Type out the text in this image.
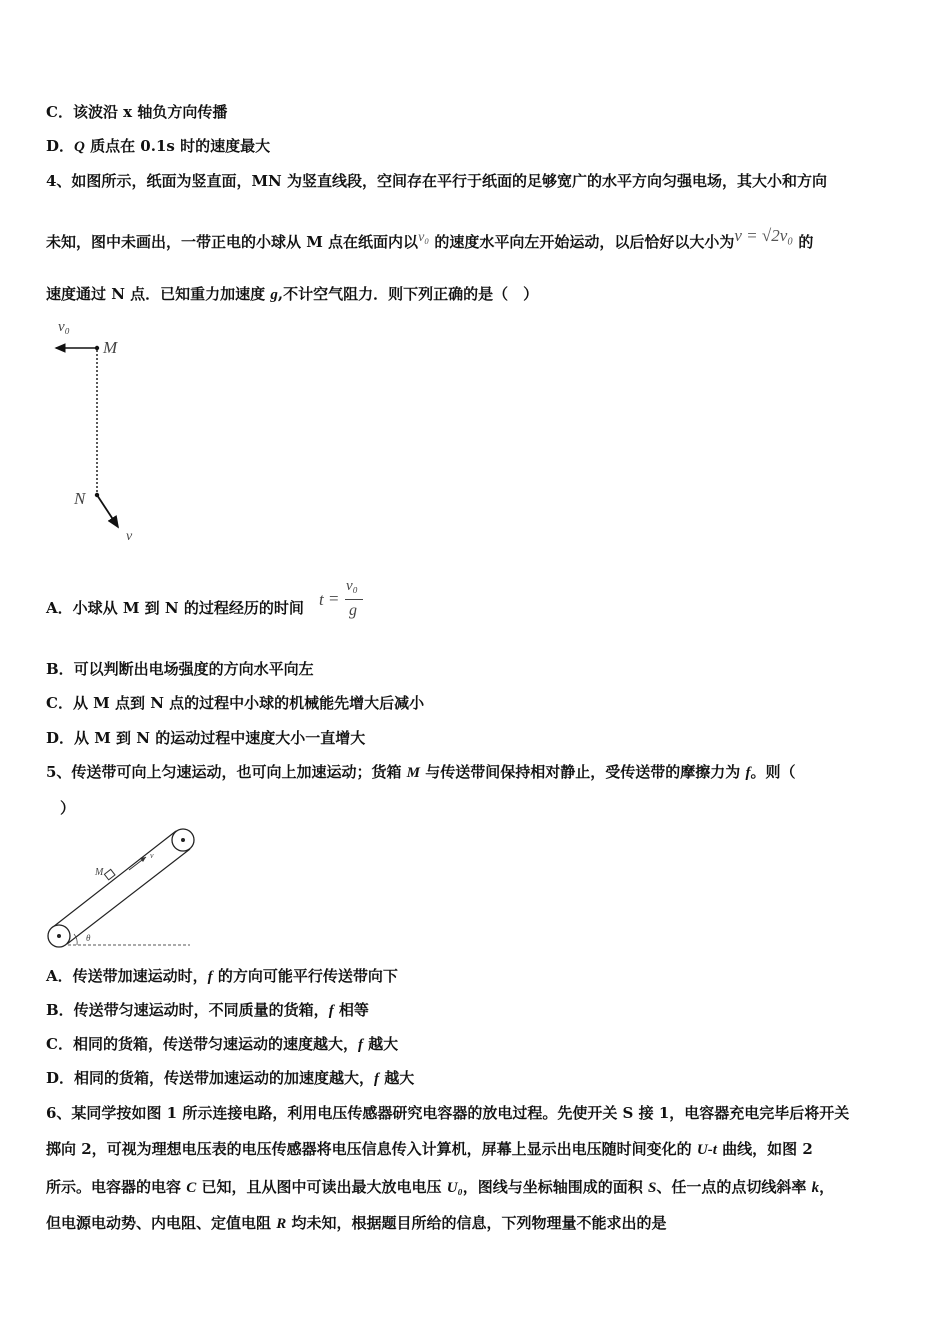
C．该波沿 x 轴负方向传播
D．Q 质点在 0.1s 时的速度最大
4、如图所示，纸面为竖直面，MN 为竖直线段，空间存在平行于纸面的足够宽广的水平方向匀强电场，其大小和方向
未知，图中未画出，一带正电的小球从 M 点在纸面内以v₀ 的速度水平向左开始运动，以后恰好以大小为v = √2v₀ 的
速度通过 N 点．已知重力加速度 g,不计空气阻力．则下列正确的是（　）
v₀
M
N
v
A．小球从 M 到 N 的过程经历的时间 t =
v₀
g
B．可以判断出电场强度的方向水平向左
C．从 M 点到 N 点的过程中小球的机械能先增大后减小
D．从 M 到 N 的运动过程中速度大小一直增大
5、传送带可向上匀速运动，也可向上加速运动；货箱 M 与传送带间保持相对静止，受传送带的摩擦力为 f。则（
）
M
v
θ
A．传送带加速运动时，f 的方向可能平行传送带向下
B．传送带匀速运动时，不同质量的货箱，f 相等
C．相同的货箱，传送带匀速运动的速度越大，f 越大
D．相同的货箱，传送带加速运动的加速度越大，f 越大
6、某同学按如图 1 所示连接电路，利用电压传感器研究电容器的放电过程。先使开关 S 接 1，电容器充电完毕后将开关
掷向 2，可视为理想电压表的电压传感器将电压信息传入计算机，屏幕上显示出电压随时间变化的 U-t 曲线，如图 2
所示。电容器的电容 C 已知，且从图中可读出最大放电电压 U₀，图线与坐标轴围成的面积 S、任一点的点切线斜率 k，
但电源电动势、内电阻、定值电阻 R 均未知，根据题目所给的信息，下列物理量不能求出的是
